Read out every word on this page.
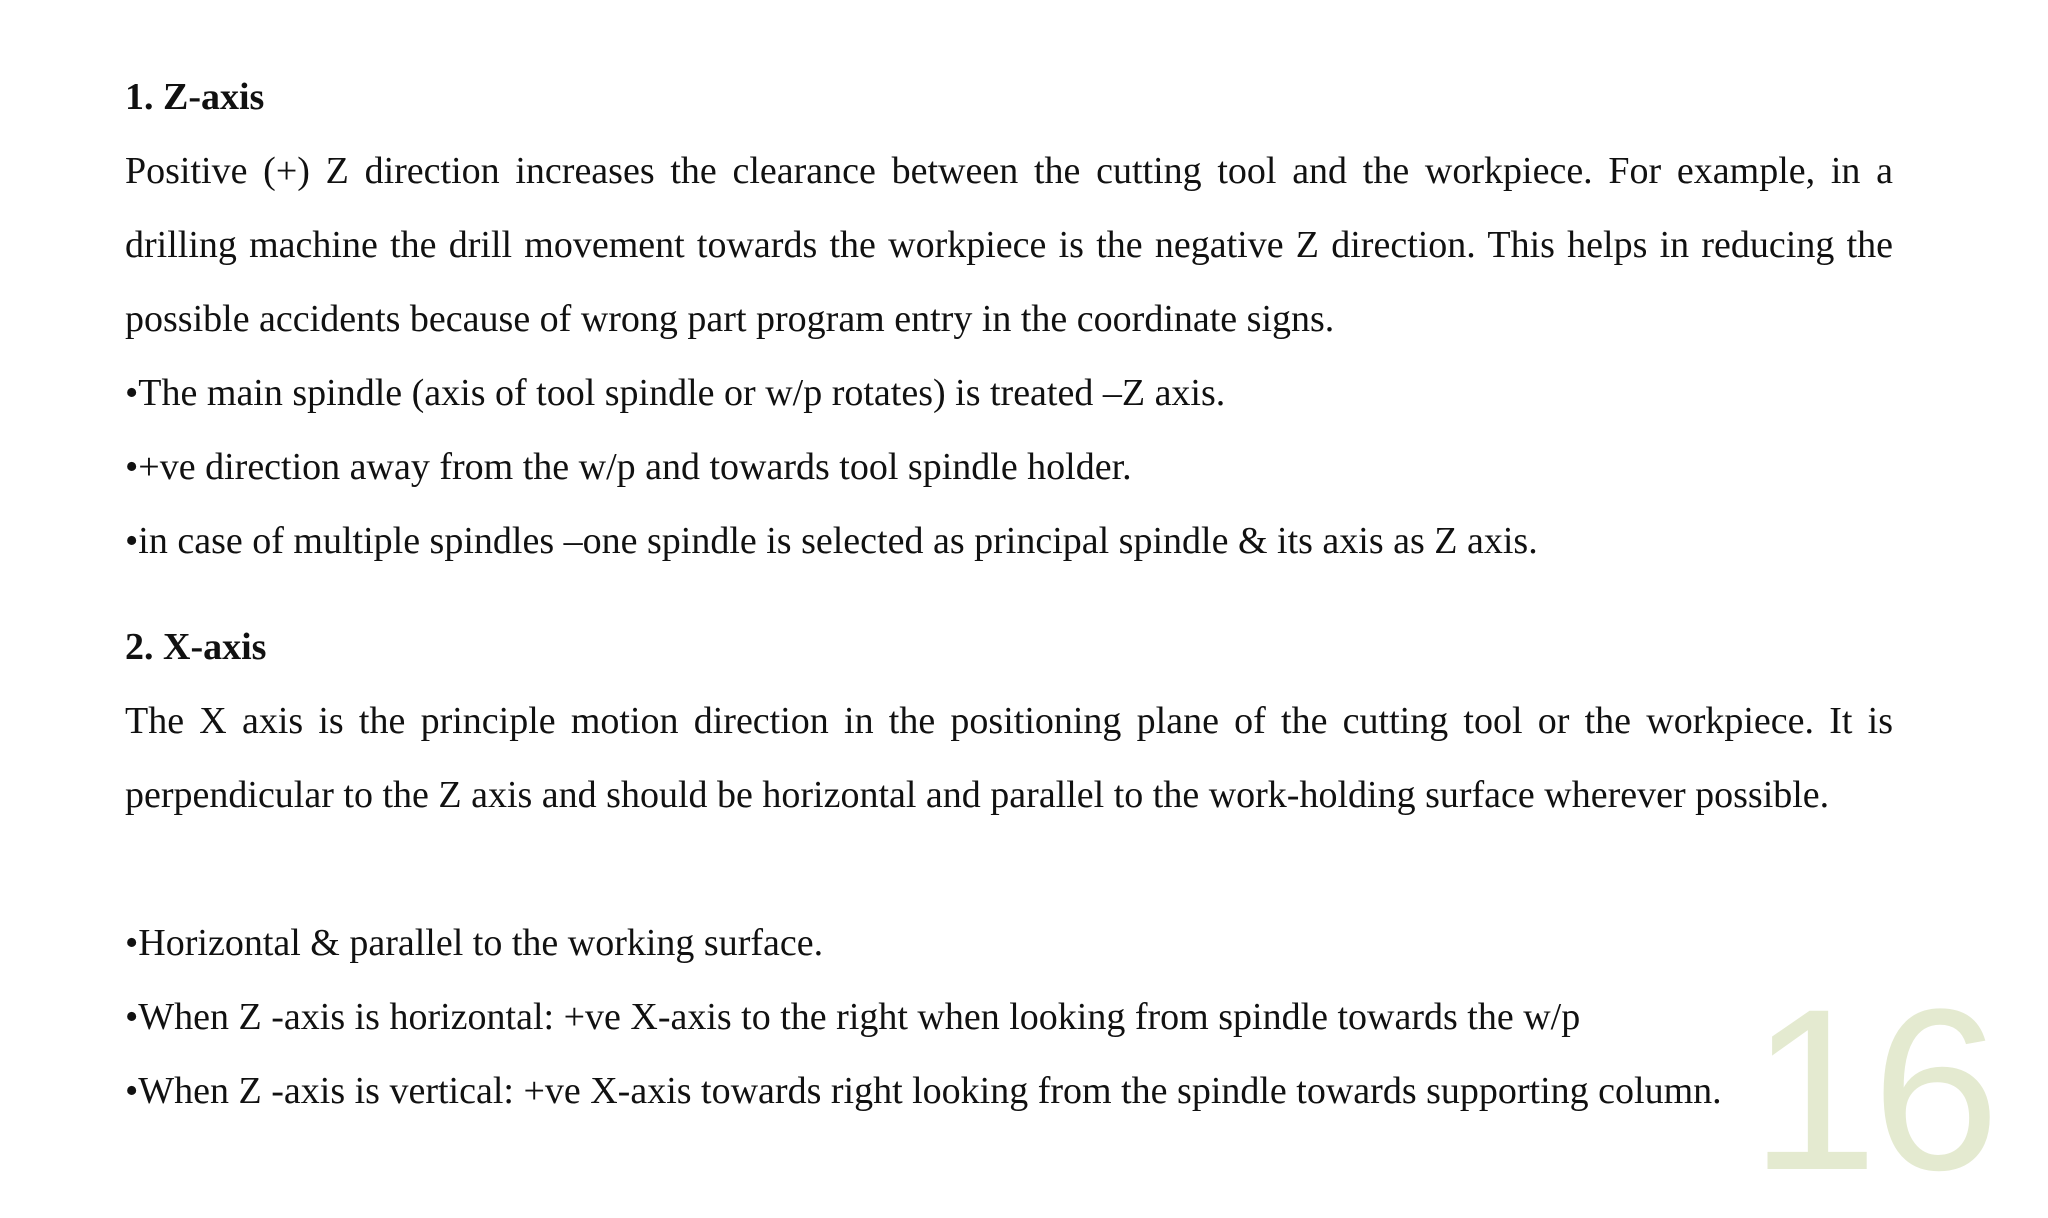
16
1. Z-axis
Positive (+) Z direction increases the clearance between the cutting tool and the workpiece. For example, in a drilling machine the drill movement towards the workpiece is the negative Z direction. This helps in reducing the possible accidents because of wrong part program entry in the coordinate signs.
•The main spindle (axis of tool spindle or w/p rotates) is treated –Z axis.
•+ve direction away from the w/p and towards tool spindle holder.
•in case of multiple spindles –one spindle is selected as principal spindle & its axis as Z axis.
2. X-axis
The X axis is the principle motion direction in the positioning plane of the cutting tool or the workpiece. It is perpendicular to the Z axis and should be horizontal and parallel to the work-holding surface wherever possible.
•Horizontal & parallel to the working surface.
•When Z -axis is horizontal: +ve X-axis to the right when looking from spindle towards the w/p
•When Z -axis is vertical: +ve X-axis towards right looking from the spindle towards supporting column.
